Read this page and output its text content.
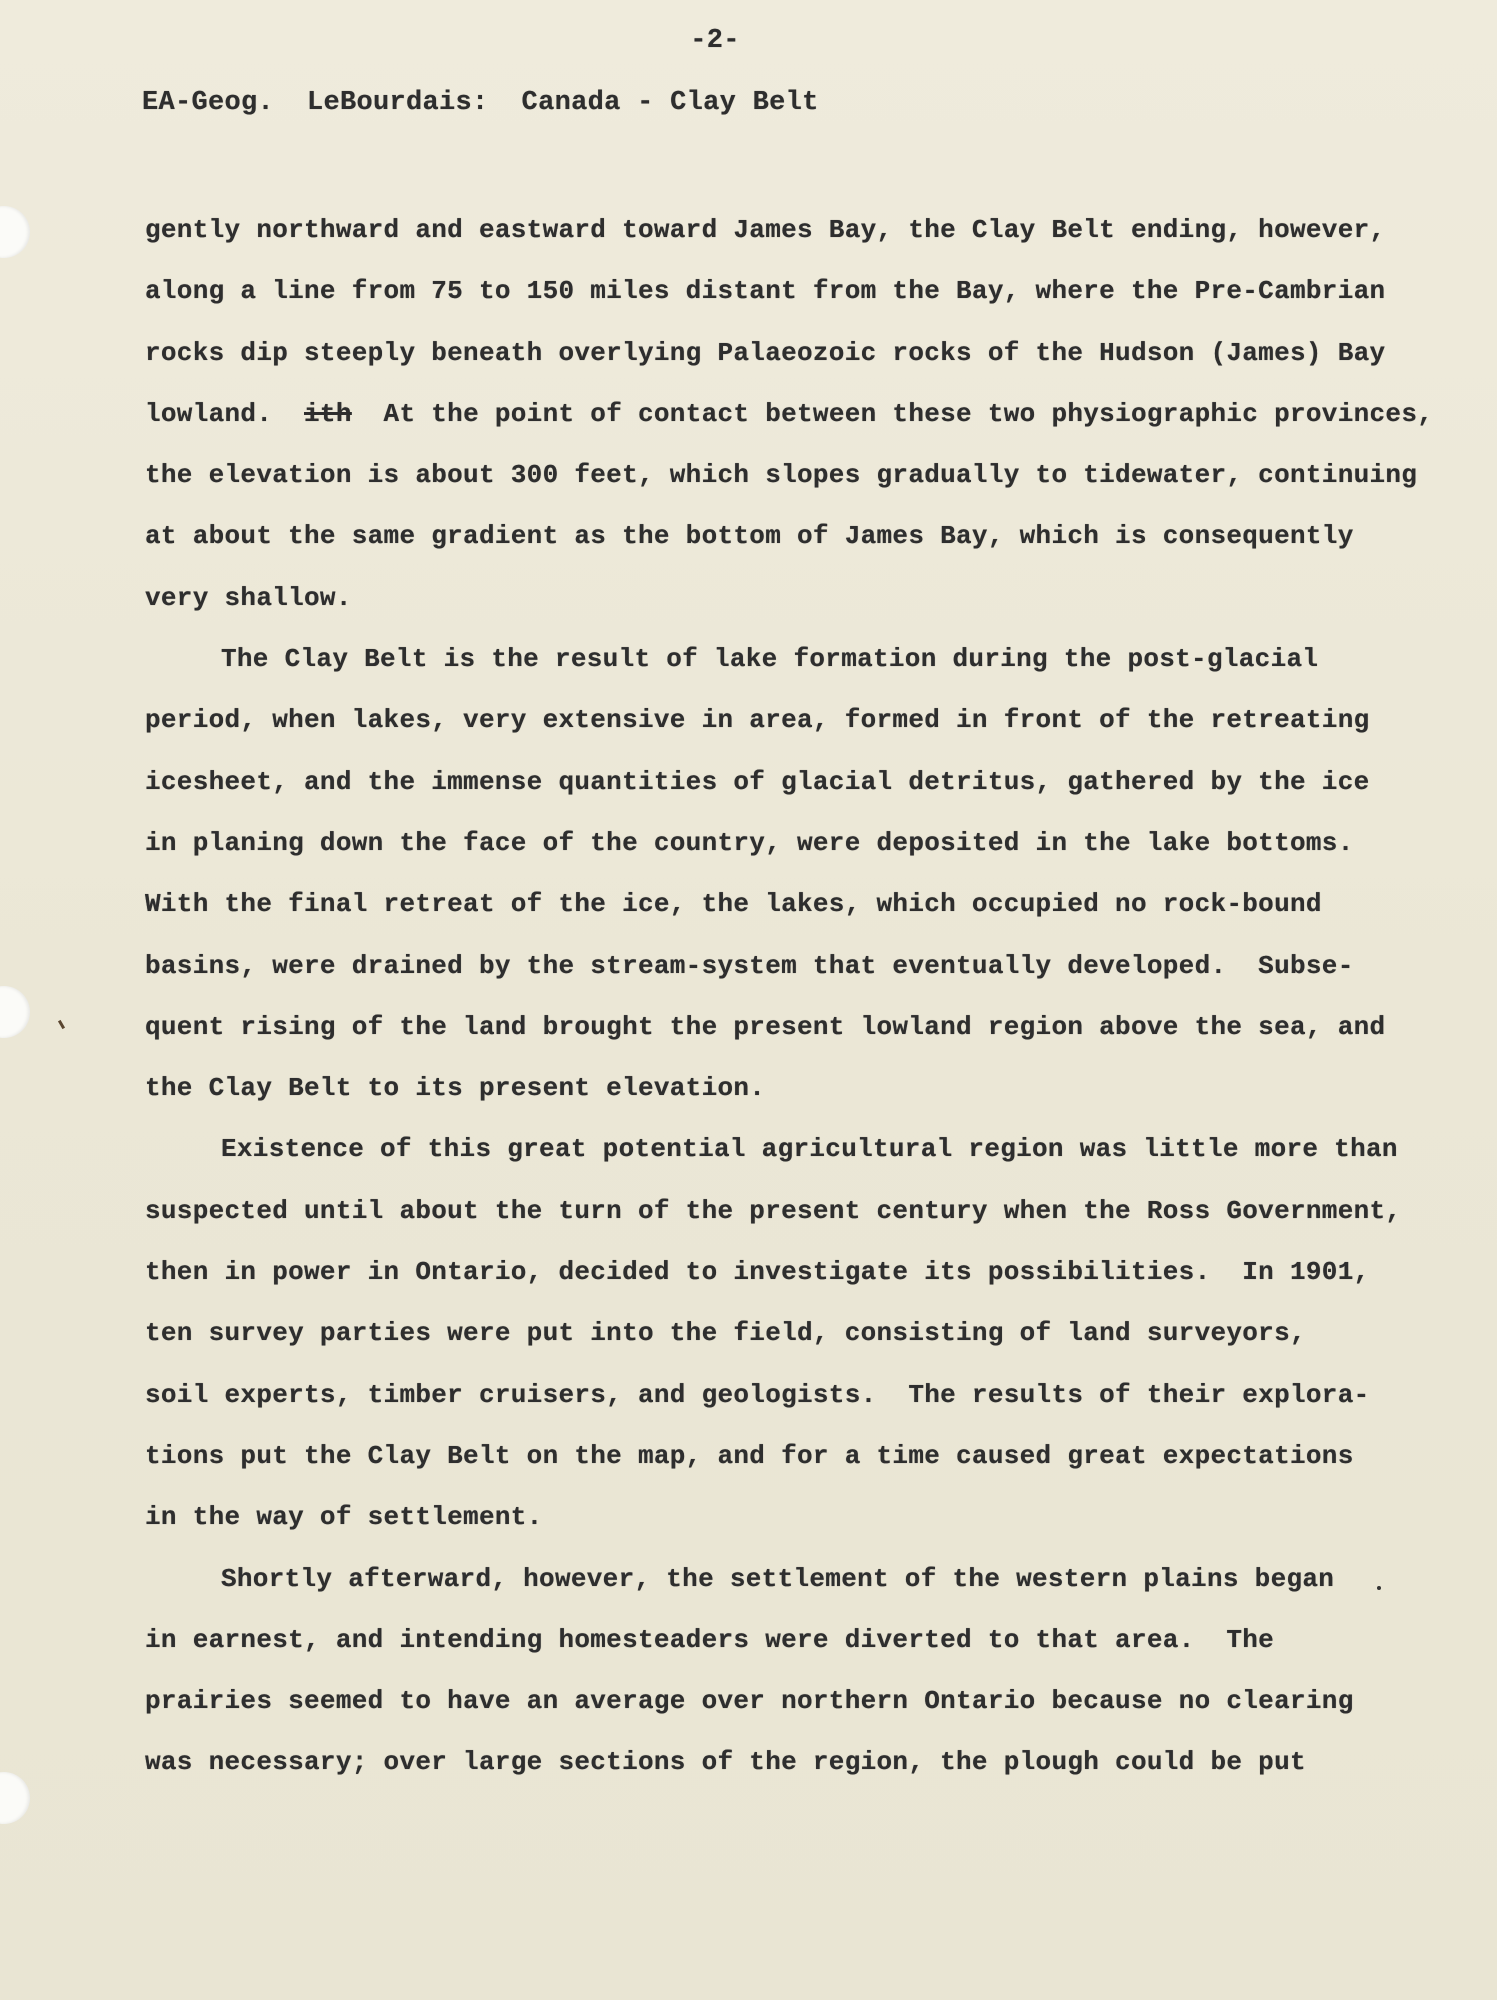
-2-
EA-Geog.  LeBourdais:  Canada - Clay Belt
gently northward and eastward toward James Bay, the Clay Belt ending, however,
along a line from 75 to 150 miles distant from the Bay, where the Pre-Cambrian
rocks dip steeply beneath overlying Palaeozoic rocks of the Hudson (James) Bay
lowland.  ith  At the point of contact between these two physiographic provinces,
the elevation is about 300 feet, which slopes gradually to tidewater, continuing
at about the same gradient as the bottom of James Bay, which is consequently
very shallow.
The Clay Belt is the result of lake formation during the post-glacial
period, when lakes, very extensive in area, formed in front of the retreating
icesheet, and the immense quantities of glacial detritus, gathered by the ice
in planing down the face of the country, were deposited in the lake bottoms.
With the final retreat of the ice, the lakes, which occupied no rock-bound
basins, were drained by the stream-system that eventually developed.  Subse-
quent rising of the land brought the present lowland region above the sea, and
the Clay Belt to its present elevation.
Existence of this great potential agricultural region was little more than
suspected until about the turn of the present century when the Ross Government,
then in power in Ontario, decided to investigate its possibilities.  In 1901,
ten survey parties were put into the field, consisting of land surveyors,
soil experts, timber cruisers, and geologists.  The results of their explora-
tions put the Clay Belt on the map, and for a time caused great expectations
in the way of settlement.
Shortly afterward, however, the settlement of the western plains began
in earnest, and intending homesteaders were diverted to that area.  The
prairies seemed to have an average over northern Ontario because no clearing
was necessary; over large sections of the region, the plough could be put
